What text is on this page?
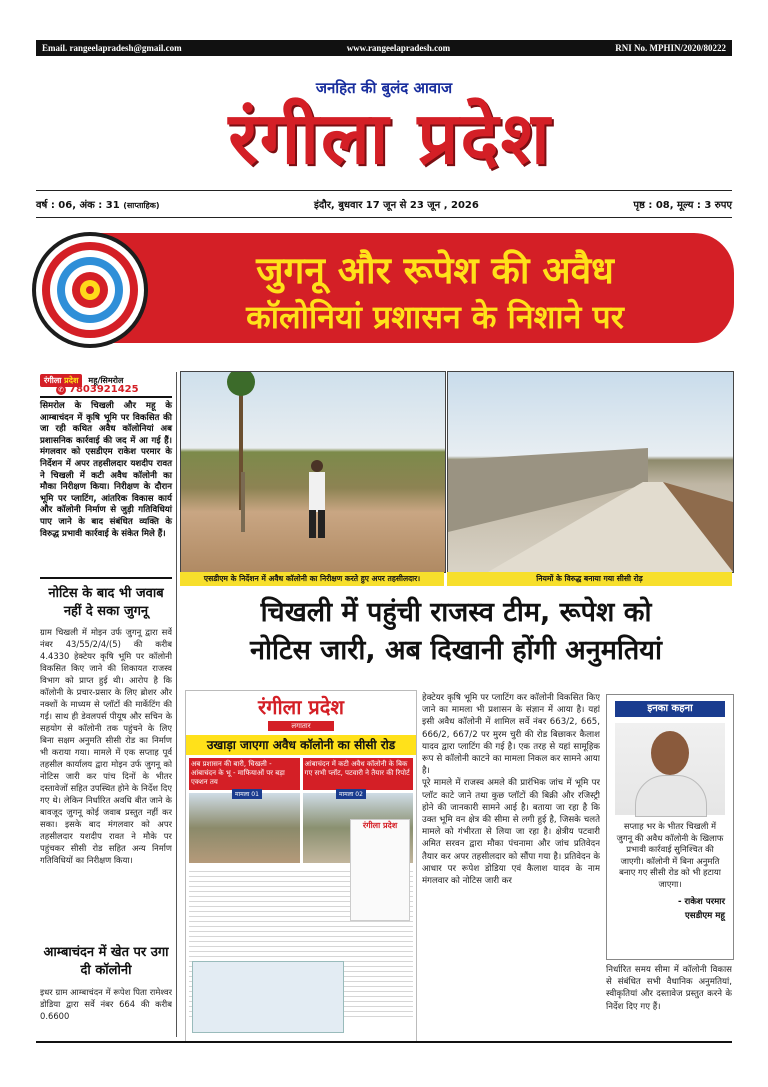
Email. rangeelapradesh@gmail.com	www.rangeelapradesh.com	RNI No. MPHIN/2020/80222
जनहित की बुलंद आवाज
रंगीला प्रदेश
वर्ष : 06, अंक : 31 (साप्ताहिक)	इंदौर, बुधवार 17 जून से 23 जून , 2026	पृष्ठ : 08, मूल्य : 3 रुपए
जुगनू और रूपेश की अवैध
कॉलोनियां प्रशासन के निशाने पर
रंगीला प्रदेश	महू/सिमरोल
✆ 7803921425
सिमरोल के चिखली और महू के आम्बाचंदन में कृषि भूमि पर विकसित की जा रही कथित अवैध कॉलोनियां अब प्रशासनिक कार्रवाई की जद में आ गई हैं। मंगलवार को एसडीएम राकेश परमार के निर्देशन में अपर तहसीलदार यशदीप रावत ने चिखली में कटी अवैध कॉलोनी का मौका निरीक्षण किया। निरीक्षण के दौरान भूमि पर प्लाटिंग, आंतरिक विकास कार्य और कॉलोनी निर्माण से जुड़ी गतिविधियां पाए जाने के बाद संबंधित व्यक्ति के विरुद्ध प्रभावी कार्रवाई के संकेत मिले हैं।
नोटिस के बाद भी जवाब नहीं दे सका जुगनू
ग्राम चिखली में मोइन उर्फ जुगनू द्वारा सर्वे नंबर 43/55/2/4/(5) की करीब 4.4330 हेक्टेयर कृषि भूमि पर कॉलोनी विकसित किए जाने की शिकायत राजस्व विभाग को प्राप्त हुई थी। आरोप है कि कॉलोनी के प्रचार-प्रसार के लिए ब्रोशर और नक्शों के माध्यम से प्लॉटों की मार्केटिंग की गई। साथ ही डेवलपर्स पीयूष और सचिन के सहयोग से कॉलोनी तक पहुंचने के लिए बिना सक्षम अनुमति सीसी रोड का निर्माण भी कराया गया। मामले में एक सप्ताह पूर्व तहसील कार्यालय द्वारा मोइन उर्फ जुगनू को नोटिस जारी कर पांच दिनों के भीतर दस्तावेजों सहित उपस्थित होने के निर्देश दिए गए थे। लेकिन निर्धारित अवधि बीत जाने के बावजूद जुगनू कोई जवाब प्रस्तुत नहीं कर सका। इसके बाद मंगलवार को अपर तहसीलदार यशदीप रावत ने मौके पर पहुंचकर सीसी रोड सहित अन्य निर्माण गतिविधियों का निरीक्षण किया।
आम्बाचंदन में खेत पर उगा दी कॉलोनी
इधर ग्राम आम्बाचंदन में रूपेश पिता रामेश्वर डोडिया द्वारा सर्वे नंबर 664 की करीब 0.6600
एसडीएम के निर्देशन में अवैध कॉलोनी का निरीक्षण करते हुए अपर तहसीलदार।	नियमों के विरुद्ध बनाया गया सीसी रोड़
चिखली में पहुंची राजस्व टीम, रूपेश को
नोटिस जारी, अब दिखानी होंगी अनुमतियां
रंगीला प्रदेश
लगातार
उखाड़ा जाएगा अवैध कॉलोनी का सीसी रोड
अब प्रशासन की बारी, चिखली - आंबाचंदन के भू - माफियाओं पर बड़ा एक्शन तय
आंबाचंदन में कटी अवैध कॉलोनी के बिक गए सभी प्लॉट, पटवारी ने तैयार की रिपोर्ट
मामला 01	मामला 02
रंगीला प्रदेश
हेक्टेयर कृषि भूमि पर प्लाटिंग कर कॉलोनी विकसित किए जाने का मामला भी प्रशासन के संज्ञान में आया है। यहां इसी अवैध कॉलोनी में शामिल सर्वे नंबर 663/2, 665, 666/2, 667/2 पर मुरम चुरी की रोड बिछाकर कैलाश यादव द्वारा प्लाटिंग की गई है। एक तरह से यहां सामूहिक रूप से कॉलोनी काटने का मामला निकल कर सामने आया है।
पूरे मामले में राजस्व अमले की प्रारंभिक जांच में भूमि पर प्लॉट काटे जाने तथा कुछ प्लॉटों की बिक्री और रजिस्ट्री होने की जानकारी सामने आई है। बताया जा रहा है कि उक्त भूमि वन क्षेत्र की सीमा से लगी हुई है, जिसके चलते मामले को गंभीरता से लिया जा रहा है। क्षेत्रीय पटवारी अमित सरवन द्वारा मौका पंचनामा और जांच प्रतिवेदन तैयार कर अपर तहसीलदार को सौंपा गया है। प्रतिवेदन के आधार पर रूपेश डोडिया एवं कैलाश यादव के नाम मंगलवार को नोटिस जारी कर
इनका कहना
सप्ताह भर के भीतर चिखली में जुगनू की अवैध कॉलोनी के खिलाफ प्रभावी कार्रवाई सुनिश्चित की जाएगी। कॉलोनी में बिना अनुमति बनाए गए सीसी रोड को भी हटाया जाएगा।
- राकेश परमार
एसडीएम महू
निर्धारित समय सीमा में कॉलोनी विकास से संबंधित सभी वैधानिक अनुमतियां, स्वीकृतियां और दस्तावेज प्रस्तुत करने के निर्देश दिए गए हैं।
